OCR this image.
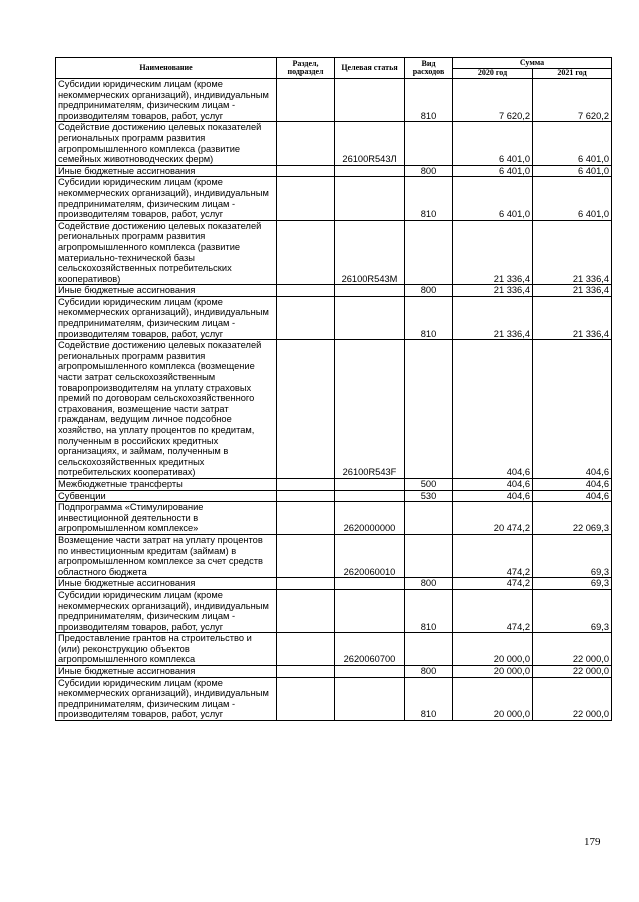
Наименование	Раздел, подраздел	Целевая статья	Вид расходов	Сумма	
				2020 год	2021 год
Субсидии юридическим лицам (кроме некоммерческих организаций), индивидуальным предпринимателям, физическим лицам - производителям товаров, работ, услуг			810	7 620,2	7 620,2
Содействие достижению целевых показателей региональных программ развития агропромышленного комплекса (развитие семейных животноводческих ферм)		26100R543Л		6 401,0	6 401,0
Иные бюджетные ассигнования			800	6 401,0	6 401,0
Субсидии юридическим лицам (кроме некоммерческих организаций), индивидуальным предпринимателям, физическим лицам - производителям товаров, работ, услуг			810	6 401,0	6 401,0
Содействие достижению целевых показателей региональных программ развития агропромышленного комплекса (развитие материально-технической базы сельскохозяйственных потребительских кооперативов)		26100R543М		21 336,4	21 336,4
Иные бюджетные ассигнования			800	21 336,4	21 336,4
Субсидии юридическим лицам (кроме некоммерческих организаций), индивидуальным предпринимателям, физическим лицам - производителям товаров, работ, услуг			810	21 336,4	21 336,4
Содействие достижению целевых показателей региональных программ развития агропромышленного комплекса (возмещение части затрат сельскохозяйственным товаропроизводителям на уплату страховых премий по договорам сельскохозяйственного страхования, возмещение части затрат гражданам, ведущим личное подсобное хозяйство, на уплату процентов по кредитам, полученным в российских кредитных организациях, и займам, полученным в сельскохозяйственных кредитных потребительских кооперативах)		26100R543F		404,6	404,6
Межбюджетные трансферты			500	404,6	404,6
Субвенции			530	404,6	404,6
Подпрограмма «Стимулирование инвестиционной деятельности в агропромышленном комплексе»		2620000000		20 474,2	22 069,3
Возмещение части затрат на уплату процентов по инвестиционным кредитам (займам) в агропромышленном комплексе за счет средств областного бюджета		2620060010		474,2	69,3
Иные бюджетные ассигнования			800	474,2	69,3
Субсидии юридическим лицам (кроме некоммерческих организаций), индивидуальным предпринимателям, физическим лицам - производителям товаров, работ, услуг			810	474,2	69,3
Предоставление грантов на строительство и (или) реконструкцию объектов агропромышленного комплекса		2620060700		20 000,0	22 000,0
Иные бюджетные ассигнования			800	20 000,0	22 000,0
Субсидии юридическим лицам (кроме некоммерческих организаций), индивидуальным предпринимателям, физическим лицам - производителям товаров, работ, услуг			810	20 000,0	22 000,0
179
